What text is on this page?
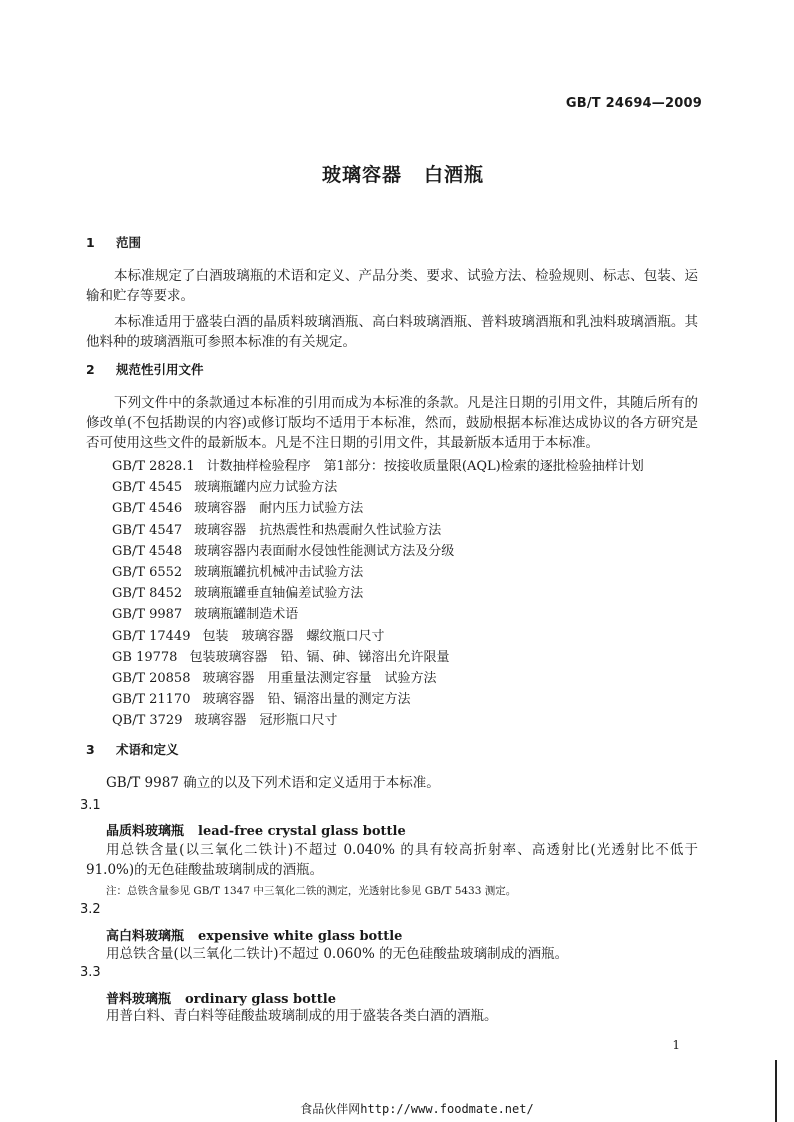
GB/T 24694—2009
玻璃容器 白酒瓶
1 范围
本标准规定了白酒玻璃瓶的术语和定义、产品分类、要求、试验方法、检验规则、标志、包装、运输和贮存等要求。
本标准适用于盛装白酒的晶质料玻璃酒瓶、高白料玻璃酒瓶、普料玻璃酒瓶和乳浊料玻璃酒瓶。其他料种的玻璃酒瓶可参照本标准的有关规定。
2 规范性引用文件
下列文件中的条款通过本标准的引用而成为本标准的条款。凡是注日期的引用文件，其随后所有的修改单(不包括勘误的内容)或修订版均不适用于本标准，然而，鼓励根据本标准达成协议的各方研究是否可使用这些文件的最新版本。凡是不注日期的引用文件，其最新版本适用于本标准。
GB/T 2828.1 计数抽样检验程序　第1部分：按接收质量限(AQL)检索的逐批检验抽样计划
GB/T 4545 玻璃瓶罐内应力试验方法
GB/T 4546 玻璃容器　耐内压力试验方法
GB/T 4547 玻璃容器　抗热震性和热震耐久性试验方法
GB/T 4548 玻璃容器内表面耐水侵蚀性能测试方法及分级
GB/T 6552 玻璃瓶罐抗机械冲击试验方法
GB/T 8452 玻璃瓶罐垂直轴偏差试验方法
GB/T 9987 玻璃瓶罐制造术语
GB/T 17449 包装　玻璃容器　螺纹瓶口尺寸
GB 19778 包装玻璃容器　铅、镉、砷、锑溶出允许限量
GB/T 20858 玻璃容器　用重量法测定容量　试验方法
GB/T 21170 玻璃容器　铅、镉溶出量的测定方法
QB/T 3729 玻璃容器　冠形瓶口尺寸
3 术语和定义
GB/T 9987 确立的以及下列术语和定义适用于本标准。
3.1
晶质料玻璃瓶 lead-free crystal glass bottle
用总铁含量(以三氧化二铁计)不超过 0.040% 的具有较高折射率、高透射比(光透射比不低于 91.0%)的无色硅酸盐玻璃制成的酒瓶。
注：总铁含量参见 GB/T 1347 中三氧化二铁的测定，光透射比参见 GB/T 5433 测定。
3.2
高白料玻璃瓶 expensive white glass bottle
用总铁含量(以三氧化二铁计)不超过 0.060% 的无色硅酸盐玻璃制成的酒瓶。
3.3
普料玻璃瓶 ordinary glass bottle
用普白料、青白料等硅酸盐玻璃制成的用于盛装各类白酒的酒瓶。
1
食品伙伴网http://www.foodmate.net/
